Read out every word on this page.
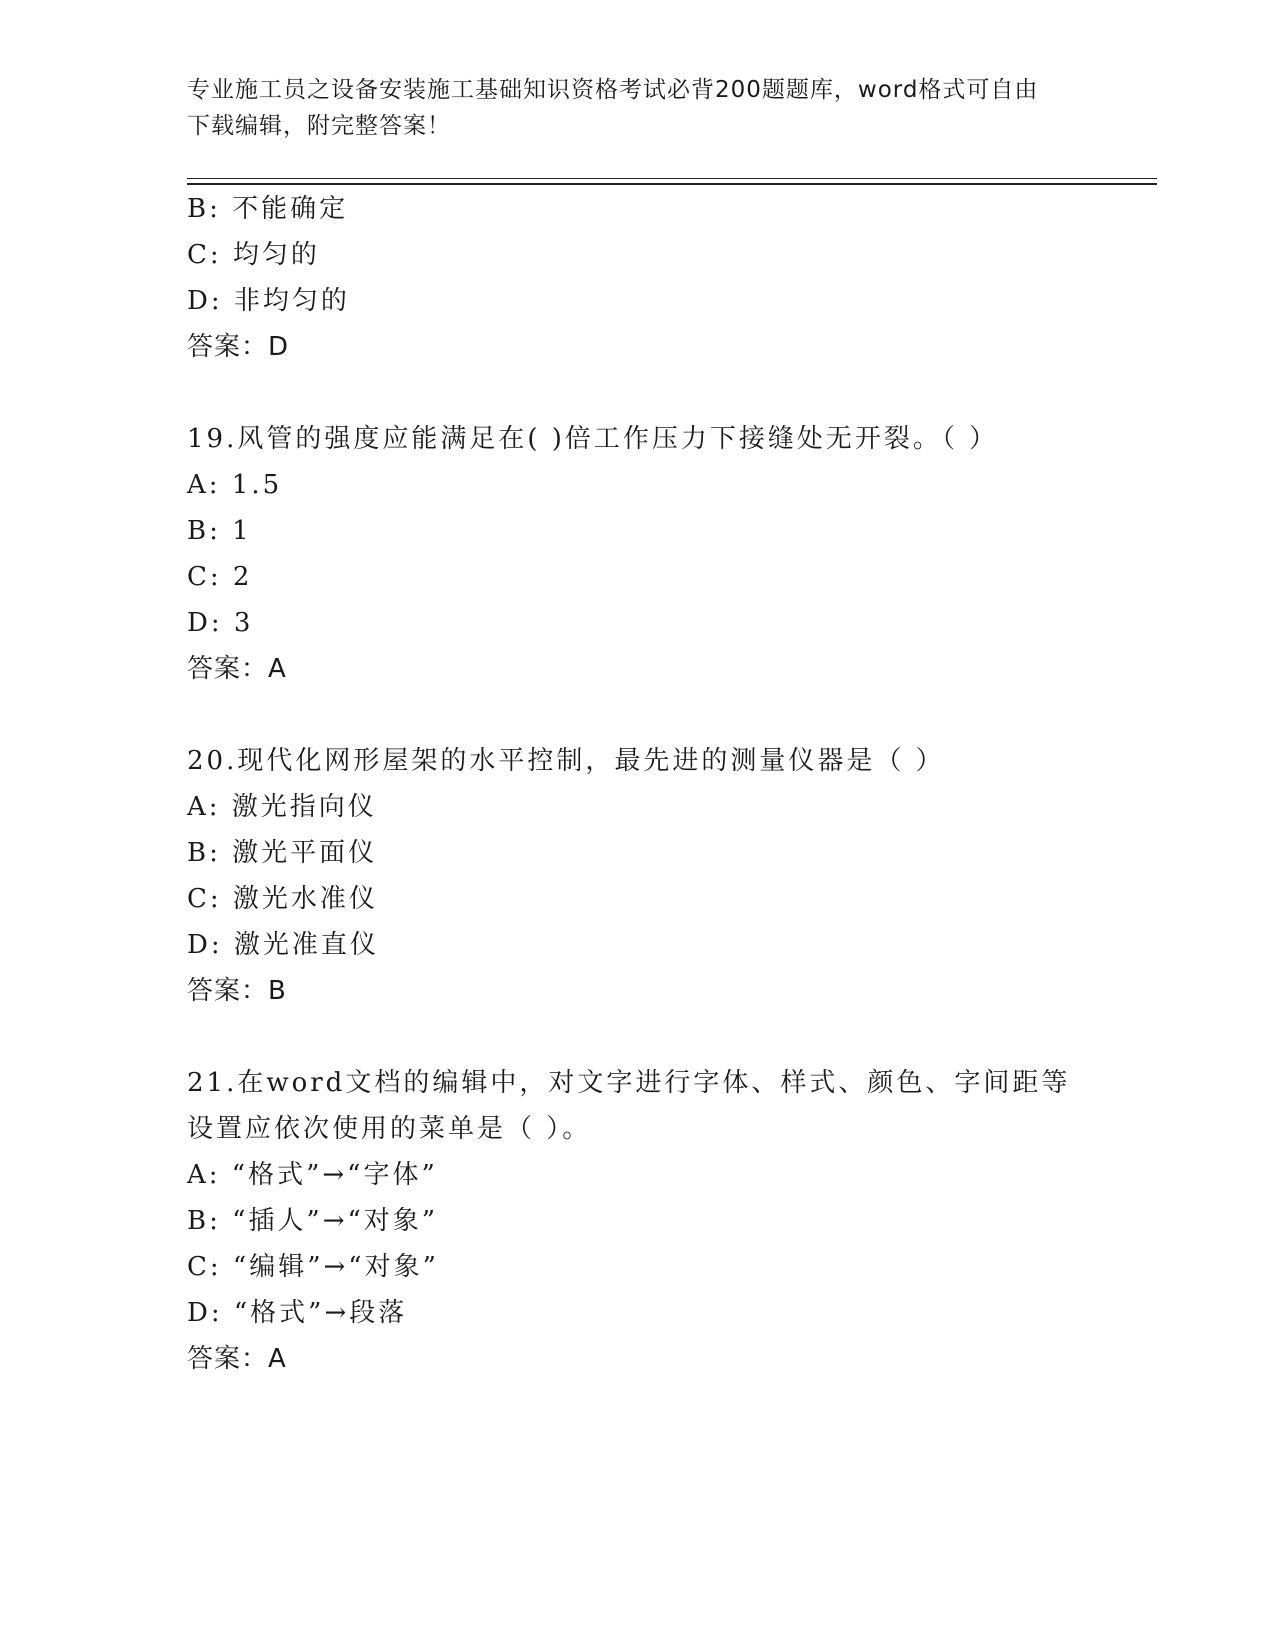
专业施工员之设备安装施工基础知识资格考试必背200题题库，word格式可自由
下载编辑，附完整答案！
B: 不能确定
C: 均匀的
D: 非均匀的
答案：D
19.风管的强度应能满足在( )倍工作压力下接缝处无开裂。（ ）
A: 1.5
B: 1
C: 2
D: 3
答案：A
20.现代化网形屋架的水平控制，最先进的测量仪器是（ ）
A: 激光指向仪
B: 激光平面仪
C: 激光水准仪
D: 激光准直仪
答案：B
21.在word文档的编辑中，对文字进行字体、样式、颜色、字间距等
设置应依次使用的菜单是（ ）。
A: “格式”→“字体”
B: “插人”→“对象”
C: “编辑”→“对象”
D: “格式”→段落
答案：A
